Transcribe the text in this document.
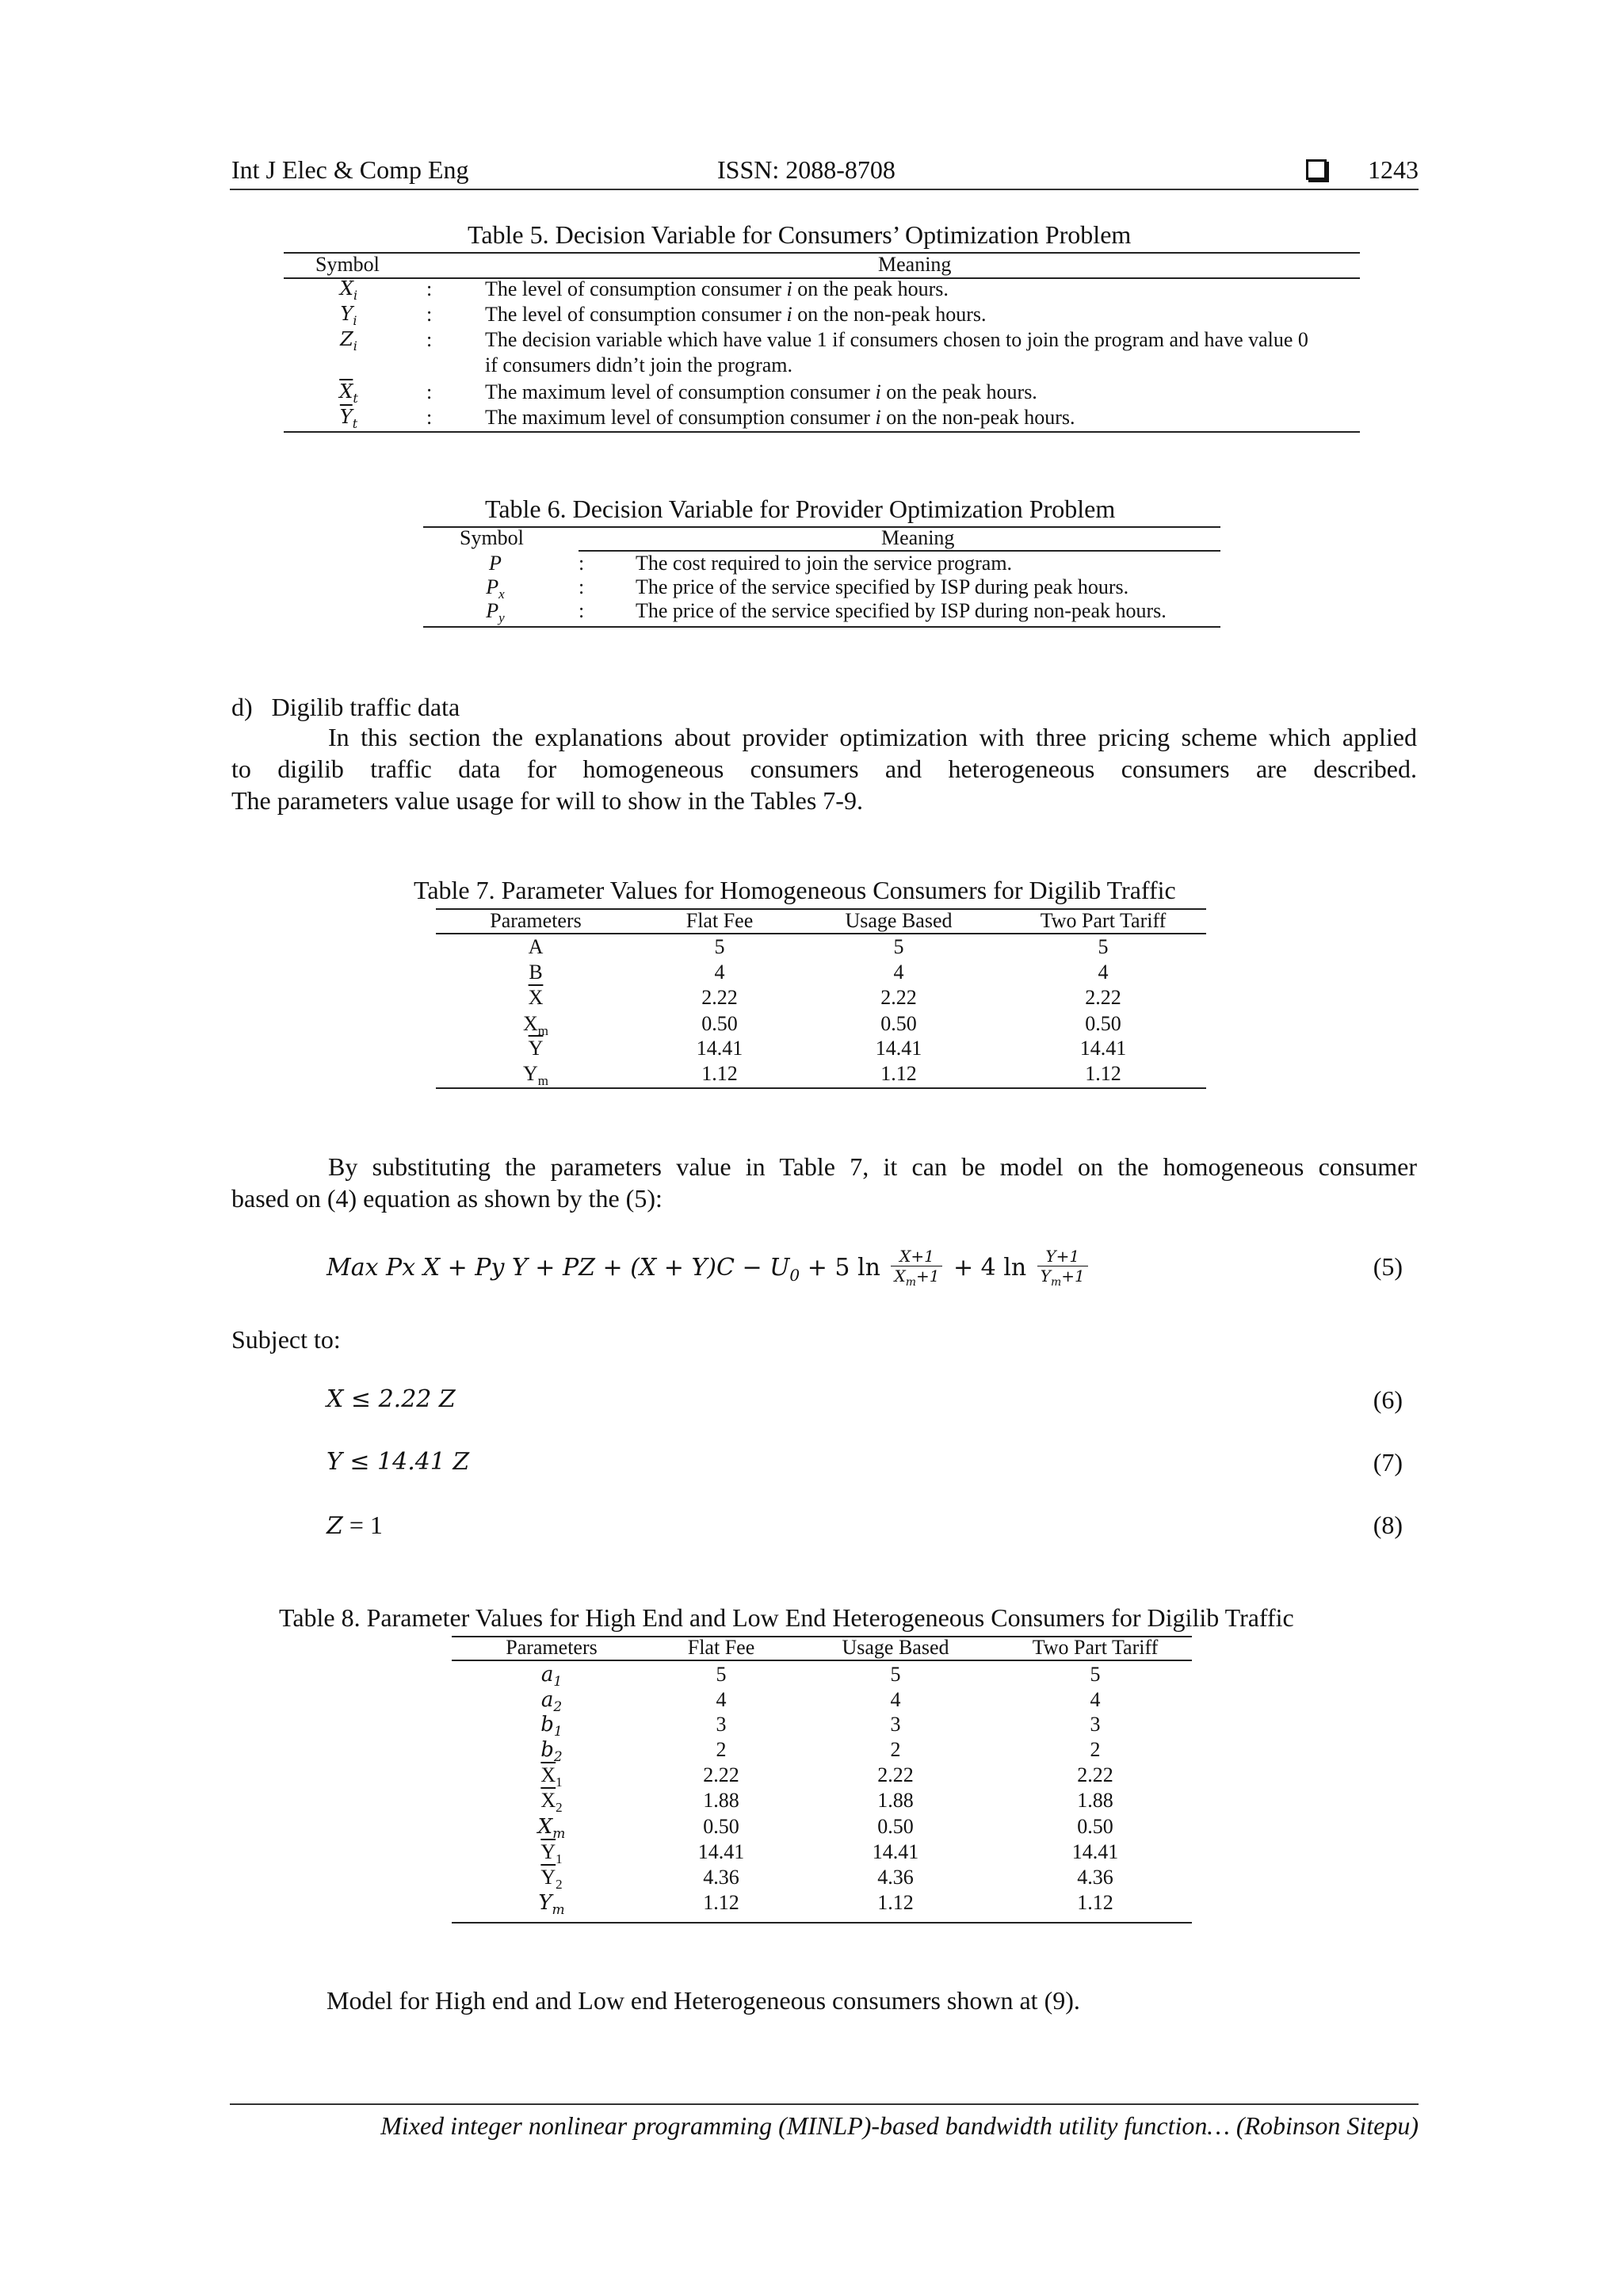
Int J Elec & Comp Eng	ISSN: 2088-8708	1243
Table 5. Decision Variable for Consumers’ Optimization Problem
Symbol	Meaning
$X_i$	:	The level of consumption consumer i on the peak hours.
$Y_i$	:	The level of consumption consumer i on the non-peak hours.
$Z_i$	:	The decision variable which have value 1 if consumers chosen to join the program and have value 0
if consumers didn’t join the program.
$\overline{X}_t$	:	The maximum level of consumption consumer i on the peak hours.
$\overline{Y}_t$	:	The maximum level of consumption consumer i on the non-peak hours.
Table 6. Decision Variable for Provider Optimization Problem
Symbol	Meaning
P	: The cost required to join the service program.
$P_x$	: The price of the service specified by ISP during peak hours.
$P_y$	: The price of the service specified by ISP during non-peak hours.
d)  Digilib traffic data
In this section the explanations about provider optimization with three pricing scheme which applied
to digilib traffic data for homogeneous consumers and heterogeneous consumers are described.
The parameters value usage for will to show in the Tables 7-9.
Table 7. Parameter Values for Homogeneous Consumers for Digilib Traffic
Parameters	Flat Fee	Usage Based	Two Part Tariff
A	5	5	5
B	4	4	4
$\overline{X}$	2.22	2.22	2.22
$X_m$	0.50	0.50	0.50
$\overline{Y}$	14.41	14.41	14.41
$Y_m$	1.12	1.12	1.12
By substituting the parameters value in Table 7, it can be model on the homogeneous consumer
based on (4) equation as shown by the (5):
Max Px X + Py Y + PZ + $(X + Y)C - U_0 + 5$ $\ln \frac{X+1}{X_m+1} + 4$ $\ln \frac{Y+1}{Y_m+1}$	(5)
Subject to:
X ≤ 2.22 Z	(6)
Y ≤ 14.41 Z	(7)
Z = 1	(8)
Table 8. Parameter Values for High End and Low End Heterogeneous Consumers for Digilib Traffic
Parameters	Flat Fee	Usage Based	Two Part Tariff
$a_1$	5	5	5
$a_2$	4	4	4
$b_1$	3	3	3
$b_2$	2	2	2
$\overline{X}_1$	2.22	2.22	2.22
$\overline{X}_2$	1.88	1.88	1.88
$X_m$	0.50	0.50	0.50
$\overline{Y}_1$	14.41	14.41	14.41
$\overline{Y}_2$	4.36	4.36	4.36
$Y_m$	1.12	1.12	1.12
Model for High end and Low end Heterogeneous consumers shown at (9).
Mixed integer nonlinear programming (MINLP)-based bandwidth utility function… (Robinson Sitepu)
